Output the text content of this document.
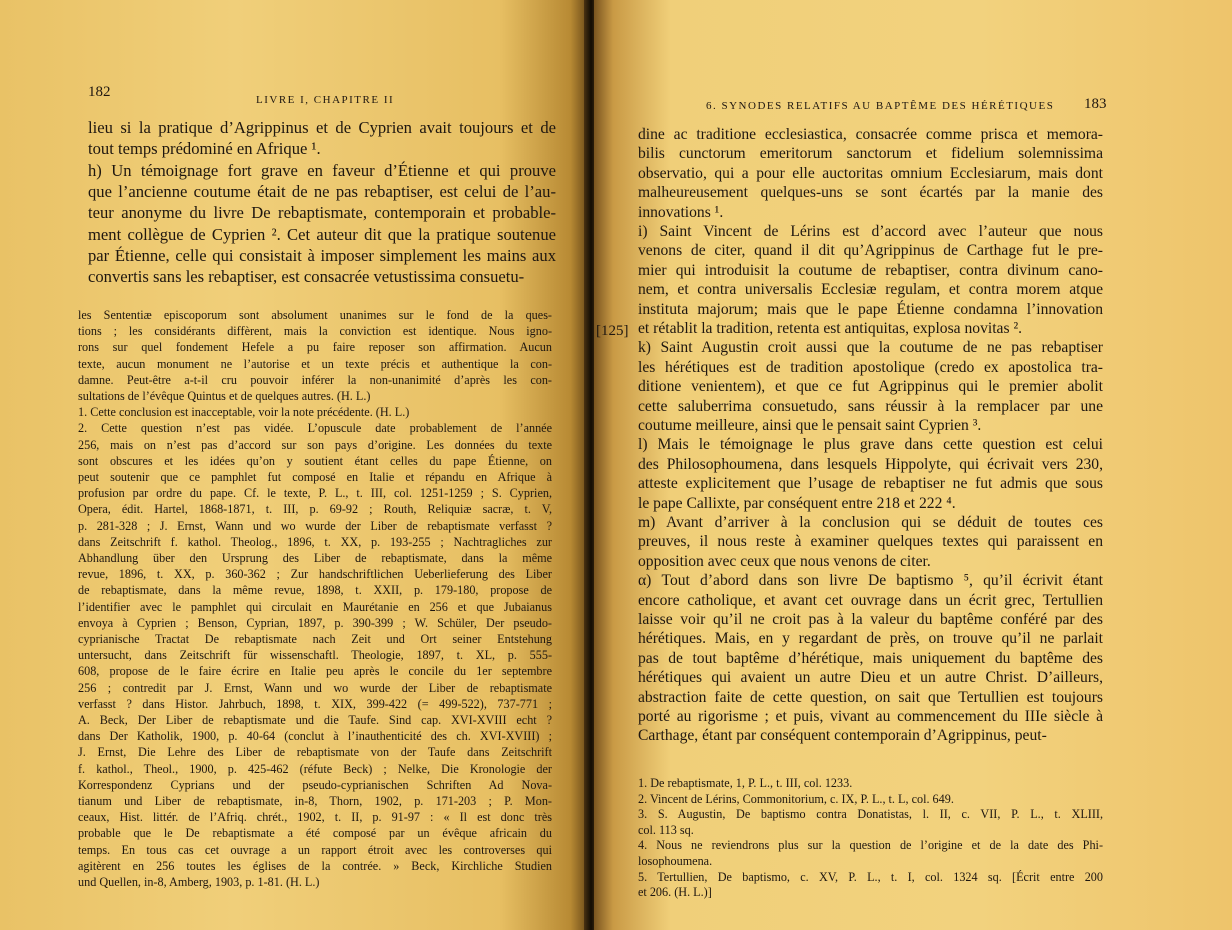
182	LIVRE I, CHAPITRE II
lieu si la pratique d’Agrippinus et de Cyprien avait toujours et de
tout temps prédominé en Afrique ¹.
h) Un témoignage fort grave en faveur d’Étienne et qui prouve
que l’ancienne coutume était de ne pas rebaptiser, est celui de l’au-
teur anonyme du livre De rebaptismate, contemporain et probable-
ment collègue de Cyprien ². Cet auteur dit que la pratique soutenue
par Étienne, celle qui consistait à imposer simplement les mains aux
convertis sans les rebaptiser, est consacrée vetustissima consuetu-
les Sententiæ episcoporum sont absolument unanimes sur le fond de la ques-
tions ; les considérants diffèrent, mais la conviction est identique. Nous igno-
rons sur quel fondement Hefele a pu faire reposer son affirmation. Aucun
texte, aucun monument ne l’autorise et un texte précis et authentique la con-
damne. Peut-être a-t-il cru pouvoir inférer la non-unanimité d’après les con-
sultations de l’évêque Quintus et de quelques autres. (H. L.)
1. Cette conclusion est inacceptable, voir la note précédente. (H. L.)
2. Cette question n’est pas vidée. L’opuscule date probablement de l’année
256, mais on n’est pas d’accord sur son pays d’origine. Les données du texte
sont obscures et les idées qu’on y soutient étant celles du pape Étienne, on
peut soutenir que ce pamphlet fut composé en Italie et répandu en Afrique à
profusion par ordre du pape. Cf. le texte, P. L., t. III, col. 1251-1259 ; S. Cyprien,
Opera, édit. Hartel, 1868-1871, t. III, p. 69-92 ; Routh, Reliquiæ sacræ, t. V,
p. 281-328 ; J. Ernst, Wann und wo wurde der Liber de rebaptismate verfasst ?
dans Zeitschrift f. kathol. Theolog., 1896, t. XX, p. 193-255 ; Nachtragliches zur
Abhandlung über den Ursprung des Liber de rebaptismate, dans la même
revue, 1896, t. XX, p. 360-362 ; Zur handschriftlichen Ueberlieferung des Liber
de rebaptismate, dans la même revue, 1898, t. XXII, p. 179-180, propose de
l’identifier avec le pamphlet qui circulait en Maurétanie en 256 et que Jubaianus
envoya à Cyprien ; Benson, Cyprian, 1897, p. 390-399 ; W. Schüler, Der pseudo-
cyprianische Tractat De rebaptismate nach Zeit und Ort seiner Entstehung
untersucht, dans Zeitschrift für wissenschaftl. Theologie, 1897, t. XL, p. 555-
608, propose de le faire écrire en Italie peu après le concile du 1er septembre
256 ; contredit par J. Ernst, Wann und wo wurde der Liber de rebaptismate
verfasst ? dans Histor. Jahrbuch, 1898, t. XIX, 399-422 (= 499-522), 737-771 ;
A. Beck, Der Liber de rebaptismate und die Taufe. Sind cap. XVI-XVIII echt ?
dans Der Katholik, 1900, p. 40-64 (conclut à l’inauthenticité des ch. XVI-XVIII) ;
J. Ernst, Die Lehre des Liber de rebaptismate von der Taufe dans Zeitschrift
f. kathol., Theol., 1900, p. 425-462 (réfute Beck) ; Nelke, Die Kronologie der
Korrespondenz Cyprians und der pseudo-cyprianischen Schriften Ad Nova-
tianum und Liber de rebaptismate, in-8, Thorn, 1902, p. 171-203 ; P. Mon-
ceaux, Hist. littér. de l’Afriq. chrét., 1902, t. II, p. 91-97 : « Il est donc très
probable que le De rebaptismate a été composé par un évêque africain du
temps. En tous cas cet ouvrage a un rapport étroit avec les controverses qui
agitèrent en 256 toutes les églises de la contrée. » Beck, Kirchliche Studien
und Quellen, in-8, Amberg, 1903, p. 1-81. (H. L.)
6. SYNODES RELATIFS AU BAPTÊME DES HÉRÉTIQUES 183
[125]
dine ac traditione ecclesiastica, consacrée comme prisca et memora-
bilis cunctorum emeritorum sanctorum et fidelium solemnissima
observatio, qui a pour elle auctoritas omnium Ecclesiarum, mais dont
malheureusement quelques-uns se sont écartés par la manie des
innovations ¹.
i) Saint Vincent de Lérins est d’accord avec l’auteur que nous
venons de citer, quand il dit qu’Agrippinus de Carthage fut le pre-
mier qui introduisit la coutume de rebaptiser, contra divinum cano-
nem, et contra universalis Ecclesiæ regulam, et contra morem atque
instituta majorum; mais que le pape Étienne condamna l’innovation
et rétablit la tradition, retenta est antiquitas, explosa novitas ².
k) Saint Augustin croit aussi que la coutume de ne pas rebaptiser
les hérétiques est de tradition apostolique (credo ex apostolica tra-
ditione venientem), et que ce fut Agrippinus qui le premier abolit
cette saluberrima consuetudo, sans réussir à la remplacer par une
coutume meilleure, ainsi que le pensait saint Cyprien ³.
l) Mais le témoignage le plus grave dans cette question est celui
des Philosophoumena, dans lesquels Hippolyte, qui écrivait vers 230,
atteste explicitement que l’usage de rebaptiser ne fut admis que sous
le pape Callixte, par conséquent entre 218 et 222 ⁴.
m) Avant d’arriver à la conclusion qui se déduit de toutes ces
preuves, il nous reste à examiner quelques textes qui paraissent en
opposition avec ceux que nous venons de citer.
α) Tout d’abord dans son livre De baptismo ⁵, qu’il écrivit étant
encore catholique, et avant cet ouvrage dans un écrit grec, Tertullien
laisse voir qu’il ne croit pas à la valeur du baptême conféré par des
hérétiques. Mais, en y regardant de près, on trouve qu’il ne parlait
pas de tout baptême d’hérétique, mais uniquement du baptême des
hérétiques qui avaient un autre Dieu et un autre Christ. D’ailleurs,
abstraction faite de cette question, on sait que Tertullien est toujours
porté au rigorisme ; et puis, vivant au commencement du IIIe siècle à
Carthage, étant par conséquent contemporain d’Agrippinus, peut-
1. De rebaptismate, 1, P. L., t. III, col. 1233.
2. Vincent de Lérins, Commonitorium, c. IX, P. L., t. L, col. 649.
3. S. Augustin, De baptismo contra Donatistas, l. II, c. VII, P. L., t. XLIII,
col. 113 sq.
4. Nous ne reviendrons plus sur la question de l’origine et de la date des Phi-
losophoumena.
5. Tertullien, De baptismo, c. XV, P. L., t. I, col. 1324 sq. [Écrit entre 200
et 206. (H. L.)]
